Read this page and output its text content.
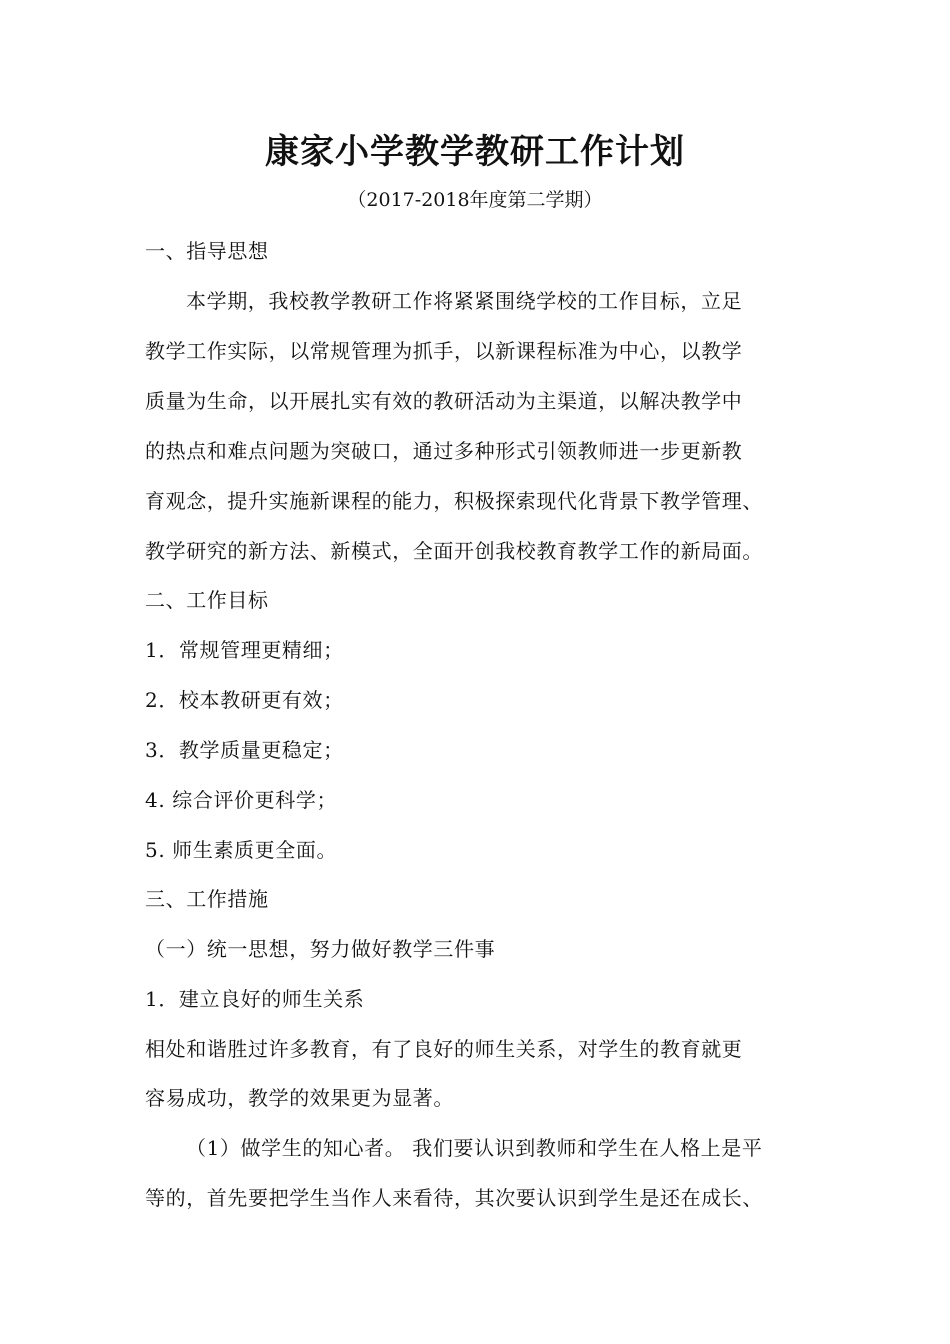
康家小学教学教研工作计划
（2017-2018年度第二学期）
一、指导思想
本学期，我校教学教研工作将紧紧围绕学校的工作目标，立足
教学工作实际，以常规管理为抓手，以新课程标准为中心，以教学
质量为生命，以开展扎实有效的教研活动为主渠道，以解决教学中
的热点和难点问题为突破口，通过多种形式引领教师进一步更新教
育观念，提升实施新课程的能力，积极探索现代化背景下教学管理、
教学研究的新方法、新模式，全面开创我校教育教学工作的新局面。
二、工作目标
1．常规管理更精细；
2．校本教研更有效；
3．教学质量更稳定；
4. 综合评价更科学；
5. 师生素质更全面。
三、工作措施
（一）统一思想，努力做好教学三件事
1．建立良好的师生关系
相处和谐胜过许多教育，有了良好的师生关系，对学生的教育就更
容易成功，教学的效果更为显著。
（1）做学生的知心者。 我们要认识到教师和学生在人格上是平
等的，首先要把学生当作人来看待，其次要认识到学生是还在成长、
